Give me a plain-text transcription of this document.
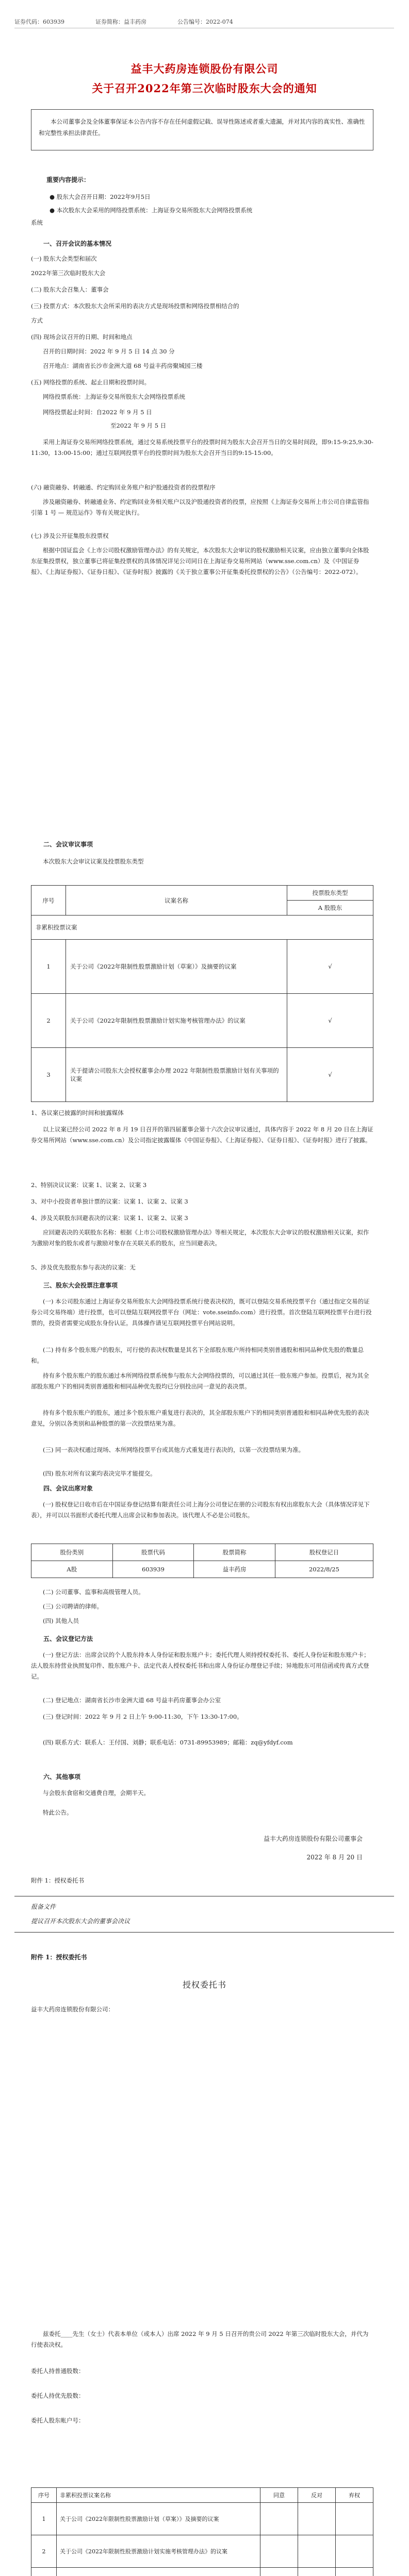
证券代码：603939	证券简称：益丰药房	公告编号：2022-074
益丰大药房连锁股份有限公司
关于召开2022年第三次临时股东大会的通知
本公司董事会及全体董事保证本公告内容不存在任何虚假记载、误导性陈述或者重大遗漏，并对其内容的真实性、准确性和完整性承担法律责任。
重要内容提示：
● 股东大会召开日期：2022年9月5日
● 本次股东大会采用的网络投票系统：上海证券交易所股东大会网络投票系统
系统
一、召开会议的基本情况
(一) 股东大会类型和届次
2022年第三次临时股东大会
(二) 股东大会召集人：董事会
(三) 投票方式：本次股东大会所采用的表决方式是现场投票和网络投票相结合的
方式
(四) 现场会议召开的日期、时间和地点
召开的日期时间：2022 年 9 月 5 日 14 点 30 分
召开地点：湖南省长沙市金洲大道 68 号益丰药房聚城园三楼
(五) 网络投票的系统、起止日期和投票时间。
网络投票系统：上海证券交易所股东大会网络投票系统
网络投票起止时间：自2022 年 9 月 5 日
至2022 年 9 月 5 日
采用上海证券交易所网络投票系统，通过交易系统投票平台的投票时间为股东大会召开当日的交易时间段，即9:15-9:25,9:30-11:30，13:00-15:00；通过互联网投票平台的投票时间为股东大会召开当日的9:15-15:00。
(六) 融资融券、转融通、约定购回业务账户和沪股通投资者的投票程序
涉及融资融券、转融通业务、约定购回业务相关账户以及沪股通投资者的投票，应按照《上海证券交易所上市公司自律监管指引第 1 号 — 规范运作》等有关规定执行。
(七) 涉及公开征集股东投票权
根据中国证监会《上市公司股权激励管理办法》的有关规定，本次股东大会审议的股权激励相关议案，应由独立董事向全体股东征集投票权，独立董事已将征集投票权的具体情况详见公司同日在上海证券交易所网站（www.sse.com.cn）及《中国证券报》、《上海证券报》、《证券日报》、《证券时报》披露的《关于独立董事公开征集委托投票权的公告》（公告编号：2022-072）。
二、会议审议事项
本次股东大会审议议案及投票股东类型
序号	议案名称	投票股东类型
		A 股股东
非累积投票议案		
1	关于公司《2022年限制性股票激励计划（草案）》及摘要的议案	√
2	关于公司《2022年限制性股票激励计划实施考核管理办法》的议案	√
3	关于提请公司股东大会授权董事会办理 2022 年限制性股票激励计划有关事项的议案	√
1、各议案已披露的时间和披露媒体
以上议案已经公司 2022 年 8 月 19 日召开的第四届董事会第十六次会议审议通过，具体内容于 2022 年 8 月 20 日在上海证券交易所网站（www.sse.com.cn）及公司指定披露媒体《中国证券报》、《上海证券报》、《证券日报》、《证券时报》进行了披露。
2、特别决议议案：议案 1、议案 2、议案 3
3、对中小投资者单独计票的议案：议案 1、议案 2、议案 3
4、涉及关联股东回避表决的议案：议案 1、议案 2、议案 3
应回避表决的关联股东名称：根据《上市公司股权激励管理办法》等相关规定，本次股东大会审议的股权激励相关议案，拟作为激励对象的股东或者与激励对象存在关联关系的股东，应当回避表决。
5、涉及优先股股东参与表决的议案：无
三、股东大会投票注意事项
(一) 本公司股东通过上海证券交易所股东大会网络投票系统行使表决权的，既可以登陆交易系统投票平台（通过指定交易的证券公司交易终端）进行投票，也可以登陆互联网投票平台（网址：vote.sseinfo.com）进行投票。首次登陆互联网投票平台进行投票的，投资者需要完成股东身份认证。具体操作请见互联网投票平台网站说明。
(二) 持有多个股东账户的股东，可行使的表决权数量是其名下全部股东账户所持相同类别普通股和相同品种优先股的数量总和。
持有多个股东账户的股东通过本所网络投票系统参与股东大会网络投票的，可以通过其任一股东账户参加。投票后，视为其全部股东账户下的相同类别普通股和相同品种优先股均已分别投出同一意见的表决票。
持有多个股东账户的股东，通过多个股东账户重复进行表决的，其全部股东账户下的相同类别普通股和相同品种优先股的表决意见，分别以各类别和品种股票的第一次投票结果为准。
(三) 同一表决权通过现场、本所网络投票平台或其他方式重复进行表决的，以第一次投票结果为准。
(四) 股东对所有议案均表决完毕才能提交。
四、会议出席对象
股份类别	股票代码	股票简称	股权登记日
A股	603939	益丰药房	2022/8/25
(一) 股权登记日收市后在中国证券登记结算有限责任公司上海分公司登记在册的公司股东有权出席股东大会（具体情况详见下表），并可以以书面形式委托代理人出席会议和参加表决。该代理人不必是公司股东。
(二) 公司董事、监事和高级管理人员。
(三) 公司聘请的律师。
(四) 其他人员
五、会议登记方法
(一) 登记方法：出席会议的个人股东持本人身份证和股东账户卡；委托代理人须持授权委托书、委托人身份证和股东账户卡；法人股东持营业执照复印件、股东账户卡、法定代表人授权委托书和出席人身份证办理登记手续；异地股东可用信函或传真方式登记。
(二) 登记地点：湖南省长沙市金洲大道 68 号益丰药房董事会办公室
(三) 登记时间：2022 年 9 月 2 日上午 9:00-11:30，下午 13:30-17:00。
(四) 联系方式：联系人：王付国、刘静；联系电话：0731-89953989；邮箱：zq@yfdyf.com
六、其他事项
与会股东食宿和交通费自理，会期半天。
特此公告。
益丰大药房连锁股份有限公司董事会
2022 年 8 月 20 日
附件 1：授权委托书
报备文件
提议召开本次股东大会的董事会决议
附件 1：授权委托书
授权委托书
益丰大药房连锁股份有限公司：
兹委托____先生（女士）代表本单位（或本人）出席 2022 年 9 月 5 日召开的贵公司 2022 年第三次临时股东大会，并代为行使表决权。
委托人持普通股数：
委托人持优先股数：
委托人股东帐户号：
序号	非累积投票议案名称	同意	反对	弃权
1	关于公司《2022年限制性股票激励计划（草案）》及摘要的议案			
2	关于公司《2022年限制性股票激励计划实施考核管理办法》的议案			
